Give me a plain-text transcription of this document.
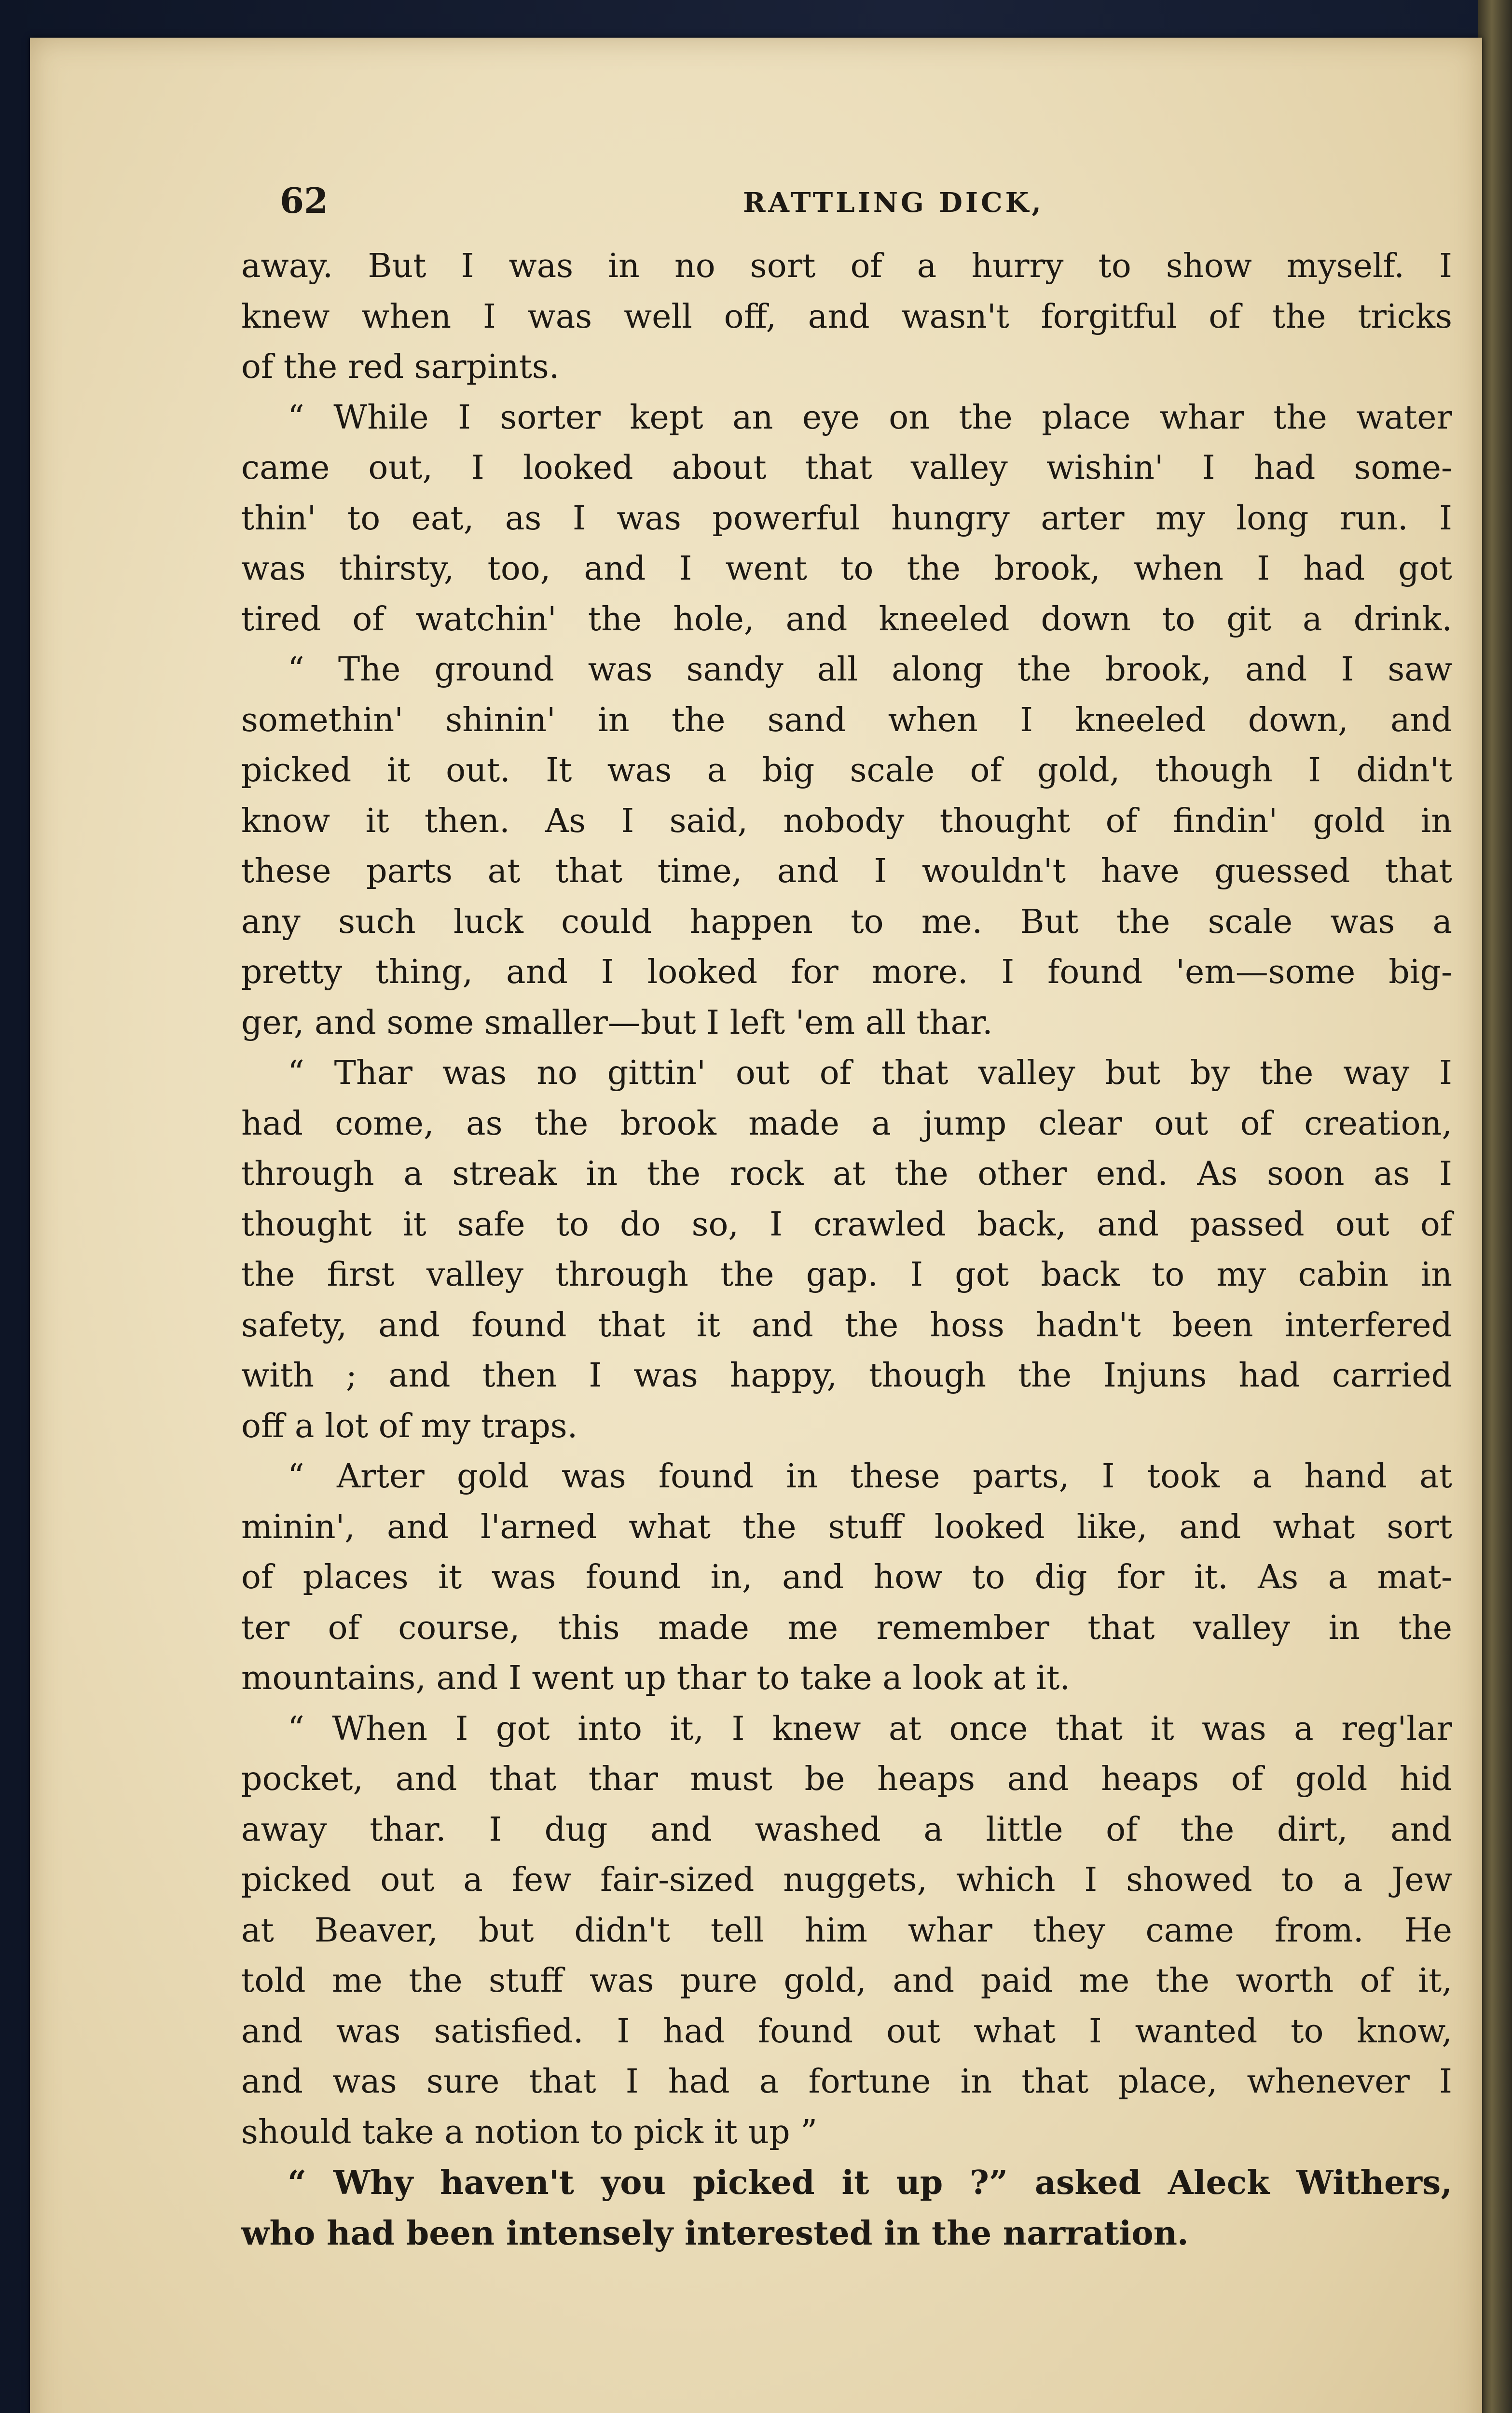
62	RATTLING DICK,
away. But I was in no sort of a hurry to show myself. I
knew when I was well off, and wasn't forgitful of the tricks
of the red sarpints.
“ While I sorter kept an eye on the place whar the water
came out, I looked about that valley wishin' I had some-
thin' to eat, as I was powerful hungry arter my long run. I
was thirsty, too, and I went to the brook, when I had got
tired of watchin' the hole, and kneeled down to git a drink.
“ The ground was sandy all along the brook, and I saw
somethin' shinin' in the sand when I kneeled down, and
picked it out. It was a big scale of gold, though I didn't
know it then. As I said, nobody thought of findin' gold in
these parts at that time, and I wouldn't have guessed that
any such luck could happen to me. But the scale was a
pretty thing, and I looked for more. I found 'em—some big-
ger, and some smaller—but I left 'em all thar.
“ Thar was no gittin' out of that valley but by the way I
had come, as the brook made a jump clear out of creation,
through a streak in the rock at the other end. As soon as I
thought it safe to do so, I crawled back, and passed out of
the first valley through the gap. I got back to my cabin in
safety, and found that it and the hoss hadn't been interfered
with ; and then I was happy, though the Injuns had carried
off a lot of my traps.
“ Arter gold was found in these parts, I took a hand at
minin', and l'arned what the stuff looked like, and what sort
of places it was found in, and how to dig for it. As a mat-
ter of course, this made me remember that valley in the
mountains, and I went up thar to take a look at it.
“ When I got into it, I knew at once that it was a reg'lar
pocket, and that thar must be heaps and heaps of gold hid
away thar. I dug and washed a little of the dirt, and
picked out a few fair-sized nuggets, which I showed to a Jew
at Beaver, but didn't tell him whar they came from. He
told me the stuff was pure gold, and paid me the worth of it,
and was satisfied. I had found out what I wanted to know,
and was sure that I had a fortune in that place, whenever I
should take a notion to pick it up ”
“ Why haven't you picked it up ?” asked Aleck Withers,
who had been intensely interested in the narration.
